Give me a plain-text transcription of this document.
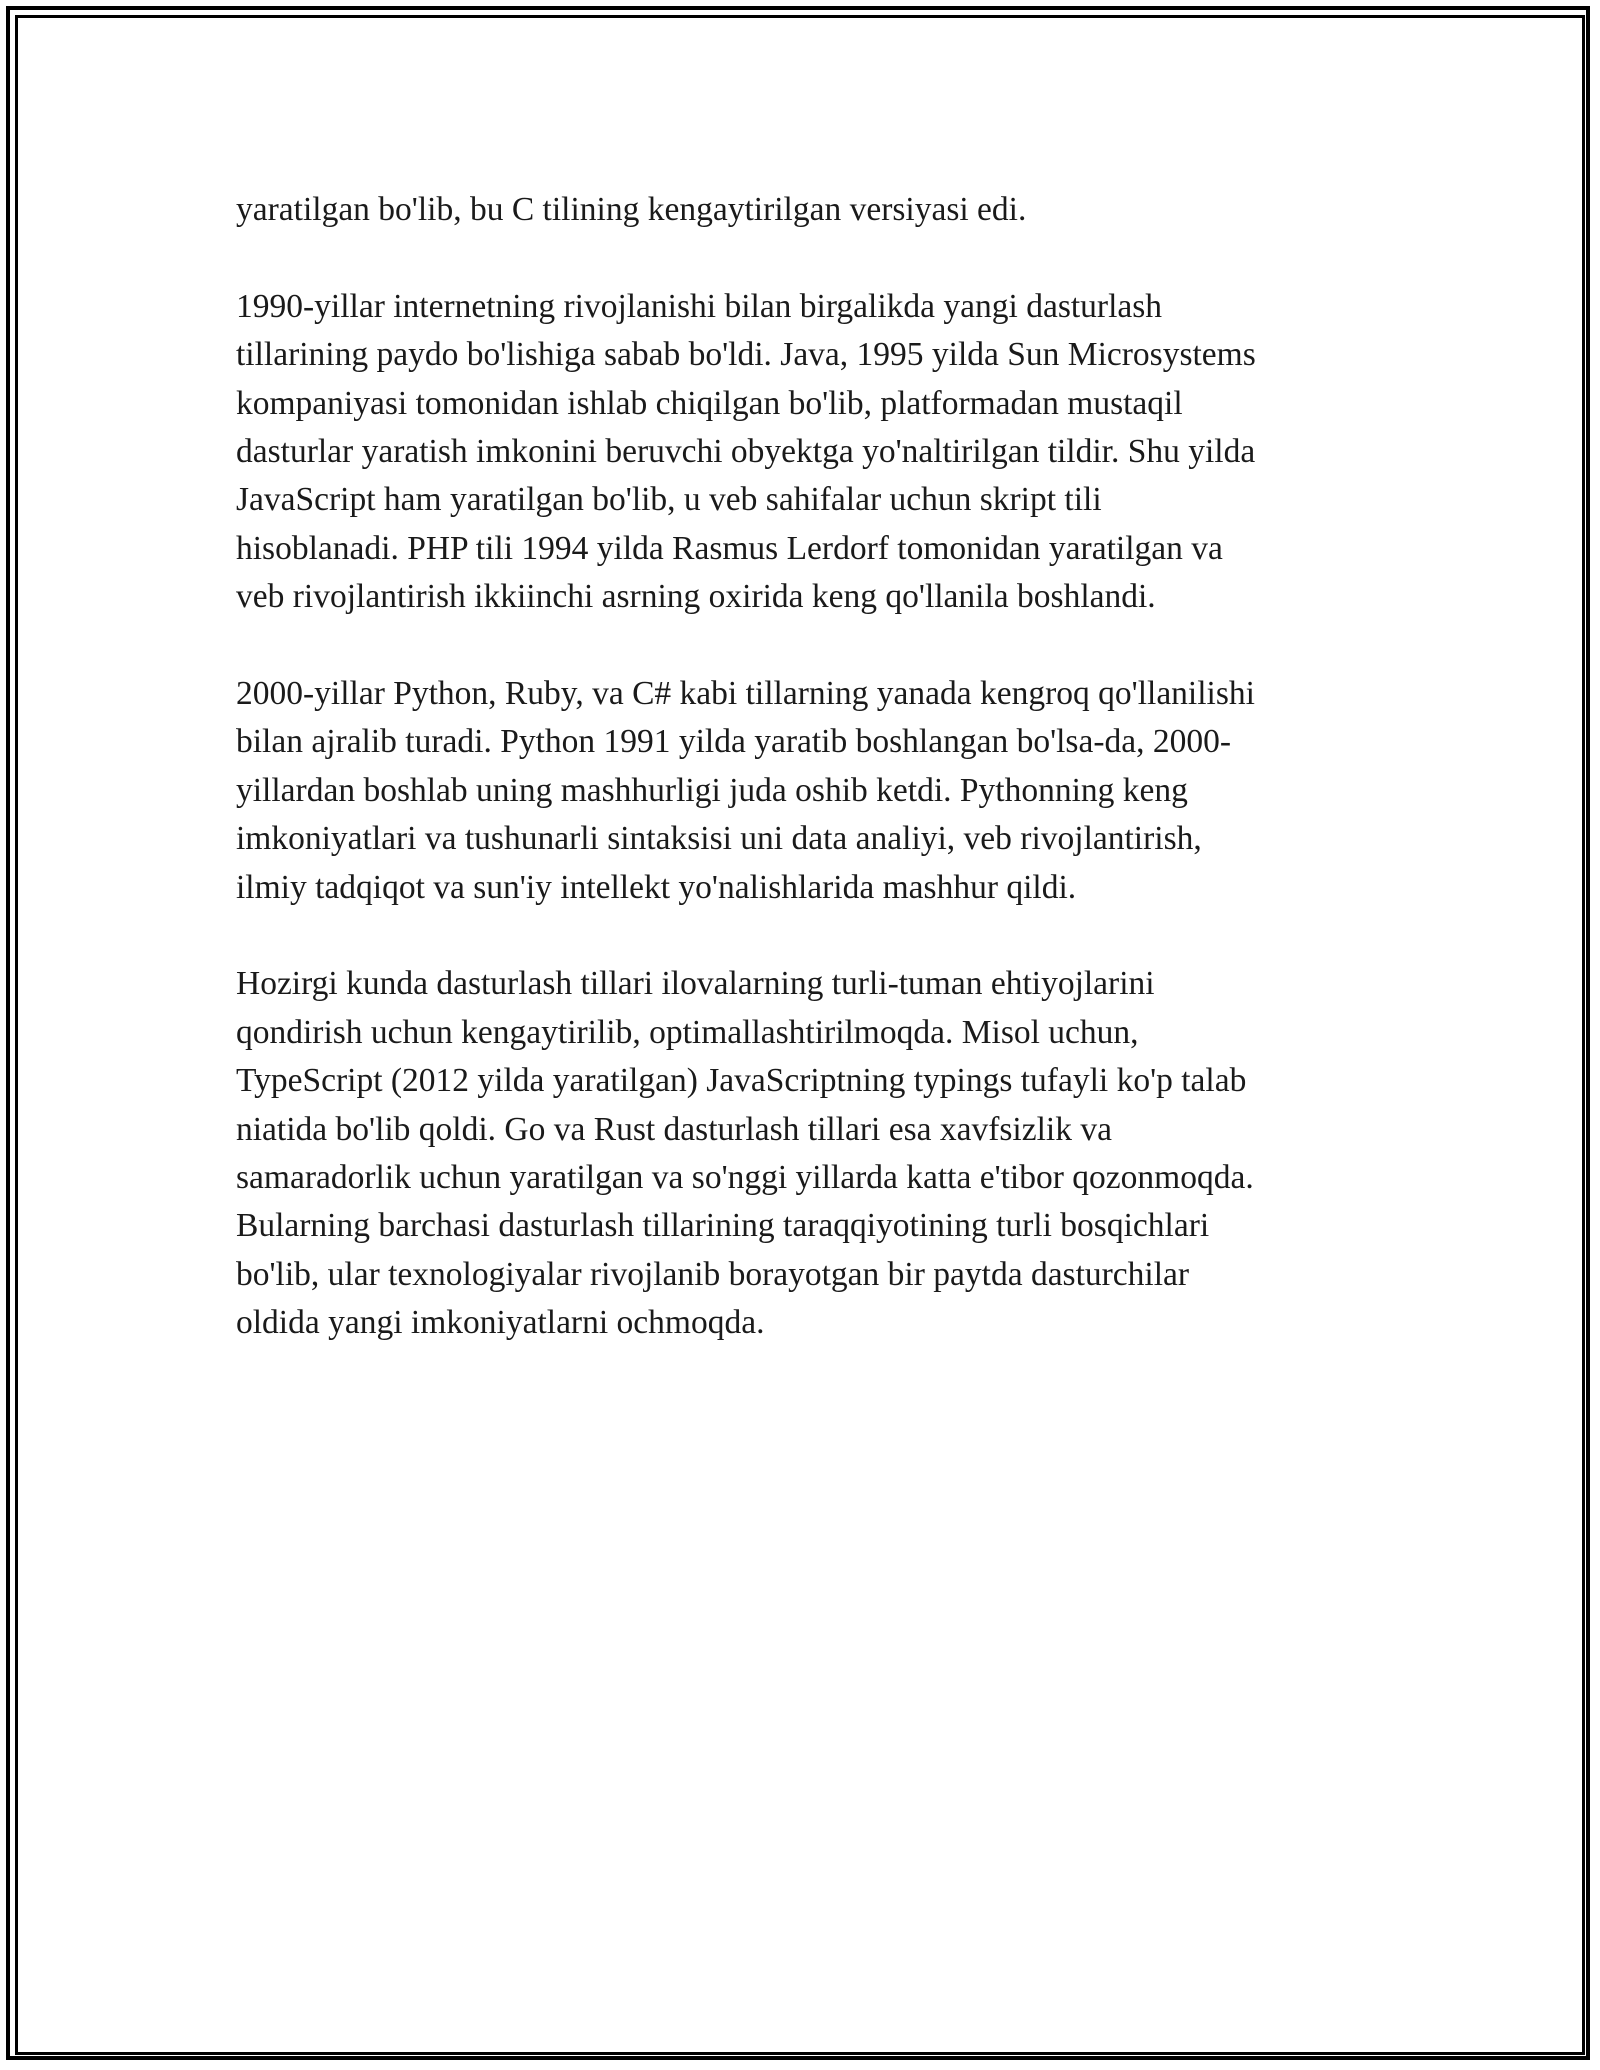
yaratilgan bo'lib, bu C tilining kengaytirilgan versiyasi edi.

1990-yillar internetning rivojlanishi bilan birgalikda yangi dasturlash
tillarining paydo bo'lishiga sabab bo'ldi. Java, 1995 yilda Sun Microsystems
kompaniyasi tomonidan ishlab chiqilgan bo'lib, platformadan mustaqil
dasturlar yaratish imkonini beruvchi obyektga yo'naltirilgan tildir. Shu yilda
JavaScript ham yaratilgan bo'lib, u veb sahifalar uchun skript tili
hisoblanadi. PHP tili 1994 yilda Rasmus Lerdorf tomonidan yaratilgan va
veb rivojlantirish ikkiinchi asrning oxirida keng qo'llanila boshlandi.

2000-yillar Python, Ruby, va C# kabi tillarning yanada kengroq qo'llanilishi
bilan ajralib turadi. Python 1991 yilda yaratib boshlangan bo'lsa-da, 2000-
yillardan boshlab uning mashhurligi juda oshib ketdi. Pythonning keng
imkoniyatlari va tushunarli sintaksisi uni data analiyi, veb rivojlantirish,
ilmiy tadqiqot va sun'iy intellekt yo'nalishlarida mashhur qildi.

Hozirgi kunda dasturlash tillari ilovalarning turli-tuman ehtiyojlarini
qondirish uchun kengaytirilib, optimallashtirilmoqda. Misol uchun,
TypeScript (2012 yilda yaratilgan) JavaScriptning typings tufayli ko'p talab
niatida bo'lib qoldi. Go va Rust dasturlash tillari esa xavfsizlik va
samaradorlik uchun yaratilgan va so'nggi yillarda katta e'tibor qozonmoqda.
Bularning barchasi dasturlash tillarining taraqqiyotining turli bosqichlari
bo'lib, ular texnologiyalar rivojlanib borayotgan bir paytda dasturchilar
oldida yangi imkoniyatlarni ochmoqda.
